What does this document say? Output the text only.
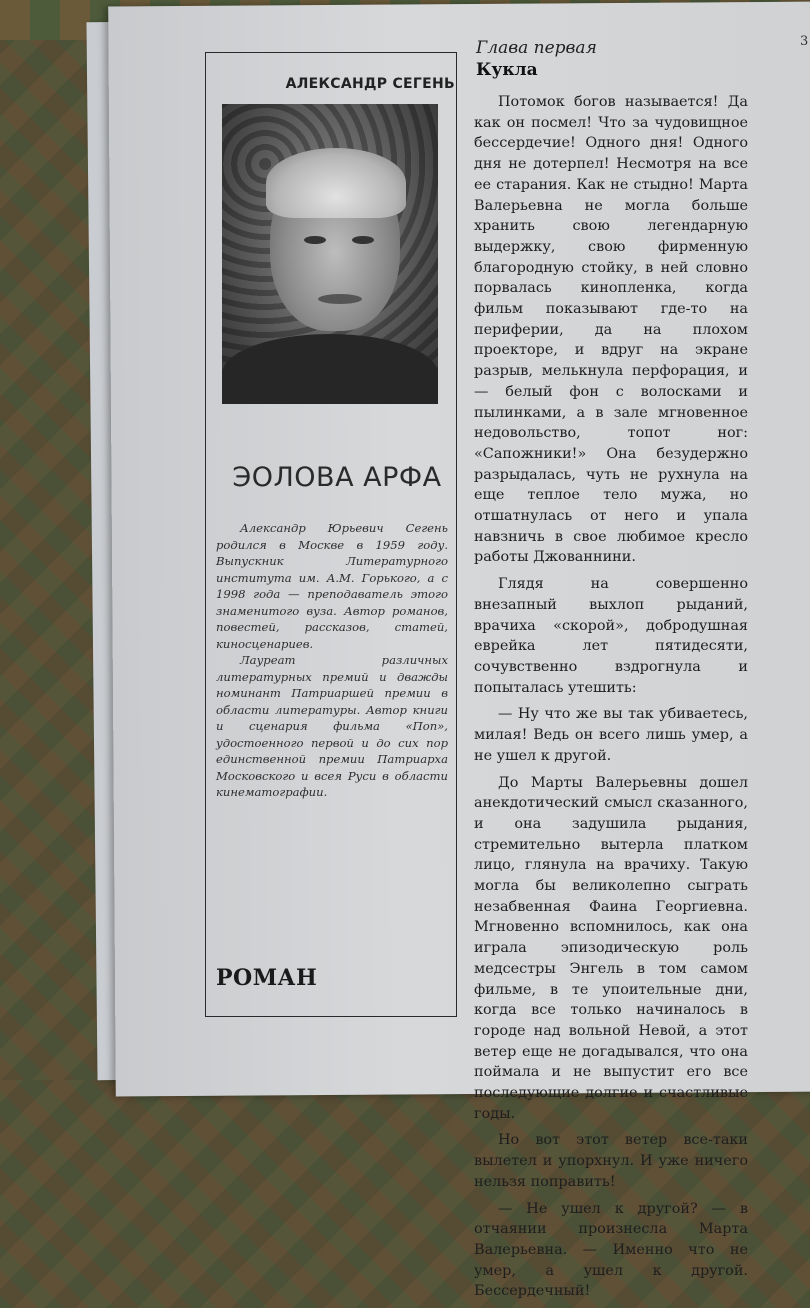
АЛЕКСАНДР СЕГЕНЬ
ЭОЛОВА АРФА

Александр Юрьевич Сегень родился в Москве в 1959 году. Выпускник Литературного института им. А.М. Горького, а с 1998 года — преподаватель этого знаменитого вуза. Автор романов, повестей, рассказов, статей, киносценариев.

Лауреат различных литературных премий и дважды номинант Патриаршей премии в области литературы. Автор книги и сценария фильма «Поп», удостоенного первой и до сих пор единственной премии Патриарха Московского и всея Руси в области кинематографии.

РОМАН
Глава первая
Кукла

Потомок богов называется! Да как он посмел! Что за чудовищное бессердечие! Одного дня! Одного дня не дотерпел! Несмотря на все ее старания. Как не стыдно! Марта Валерьевна не могла больше хранить свою легендарную выдержку, свою фирменную благородную стойку, в ней словно порвалась кинопленка, когда фильм показывают где-то на периферии, да на плохом проекторе, и вдруг на экране разрыв, мелькнула перфорация, и — белый фон с волосками и пылинками, а в зале мгновенное недовольство, топот ног: «Сапожники!» Она безудержно разрыдалась, чуть не рухнула на еще теплое тело мужа, но отшатнулась от него и упала навзничь в свое любимое кресло работы Джованнини.

Глядя на совершенно внезапный выхлоп рыданий, врачиха «скорой», добродушная еврейка лет пятидесяти, сочувственно вздрогнула и попыталась утешить:

— Ну что же вы так убиваетесь, милая! Ведь он всего лишь умер, а не ушел к другой.

До Марты Валерьевны дошел анекдотический смысл сказанного, и она задушила рыдания, стремительно вытерла платком лицо, глянула на врачиху. Такую могла бы великолепно сыграть незабвенная Фаина Георгиевна. Мгновенно вспомнилось, как она играла эпизодическую роль медсестры Энгель в том самом фильме, в те упоительные дни, когда все только начиналось в городе над вольной Невой, а этот ветер еще не догадывался, что она поймала и не выпустит его все последующие долгие и счастливые годы.

Но вот этот ветер все-таки вылетел и упорхнул. И уже ничего нельзя поправить!

— Не ушел к другой? — в отчаянии произнесла Марта Валерьевна. — Именно что не умер, а ушел к другой. Бессердечный!

3
